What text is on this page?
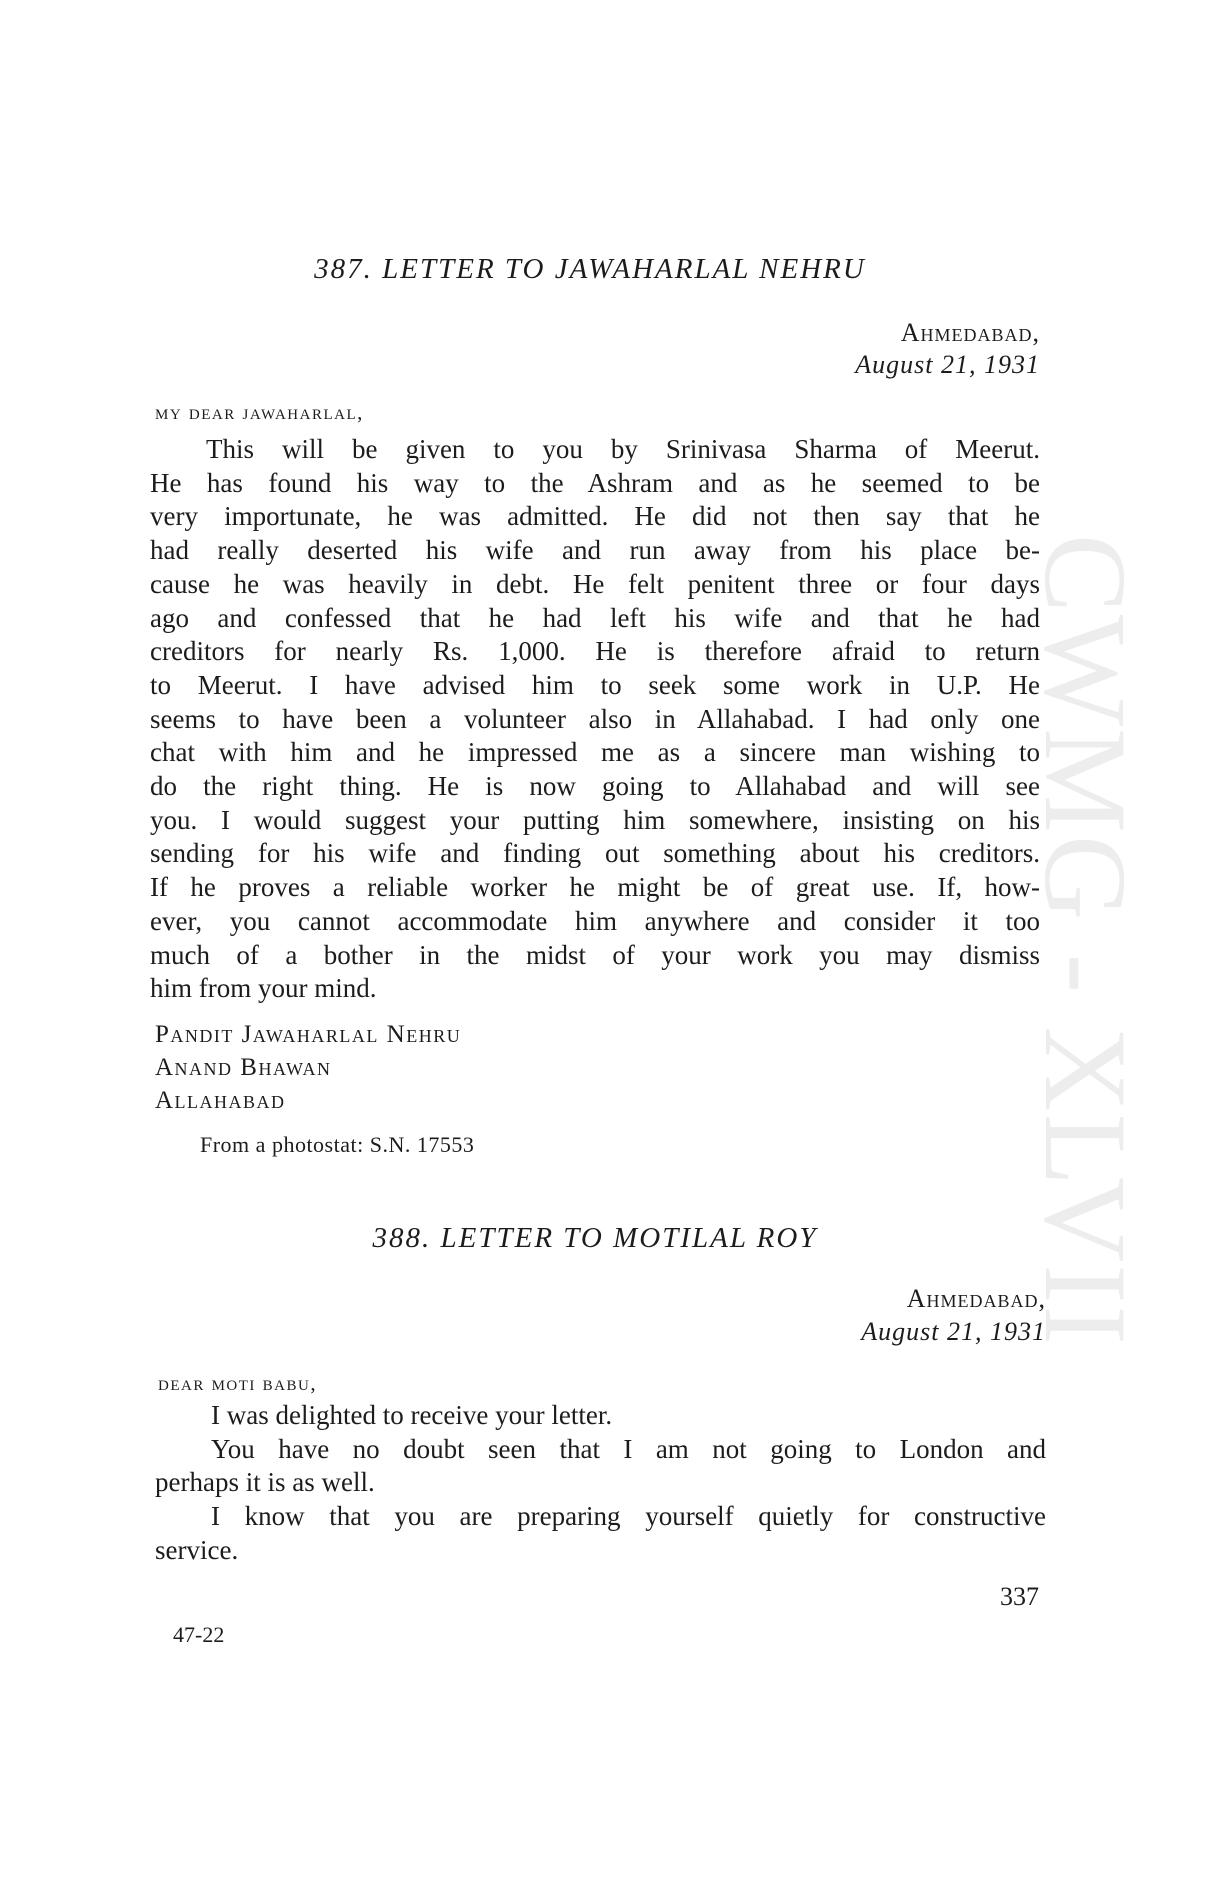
CWMG - XLVII
387. LETTER TO JAWAHARLAL NEHRU
Ahmedabad,
August 21, 1931
my dear jawaharlal,
This will be given to you by Srinivasa Sharma of Meerut.
He has found his way to the Ashram and as he seemed to be
very importunate, he was admitted. He did not then say that he
had really deserted his wife and run away from his place be-
cause he was heavily in debt. He felt penitent three or four days
ago and confessed that he had left his wife and that he had
creditors for nearly Rs. 1,000. He is therefore afraid to return
to Meerut. I have advised him to seek some work in U.P. He
seems to have been a volunteer also in Allahabad. I had only one
chat with him and he impressed me as a sincere man wishing to
do the right thing. He is now going to Allahabad and will see
you. I would suggest your putting him somewhere, insisting on his
sending for his wife and finding out something about his creditors.
If he proves a reliable worker he might be of great use. If, how-
ever, you cannot accommodate him anywhere and consider it too
much of a bother in the midst of your work you may dismiss
him from your mind.
Pandit Jawaharlal Nehru
Anand Bhawan
Allahabad
From a photostat: S.N. 17553
388. LETTER TO MOTILAL ROY
Ahmedabad,
August 21, 1931
dear moti babu,
I was delighted to receive your letter.
You have no doubt seen that I am not going to London and
perhaps it is as well.
I know that you are preparing yourself quietly for constructive
service.
337
47-22
